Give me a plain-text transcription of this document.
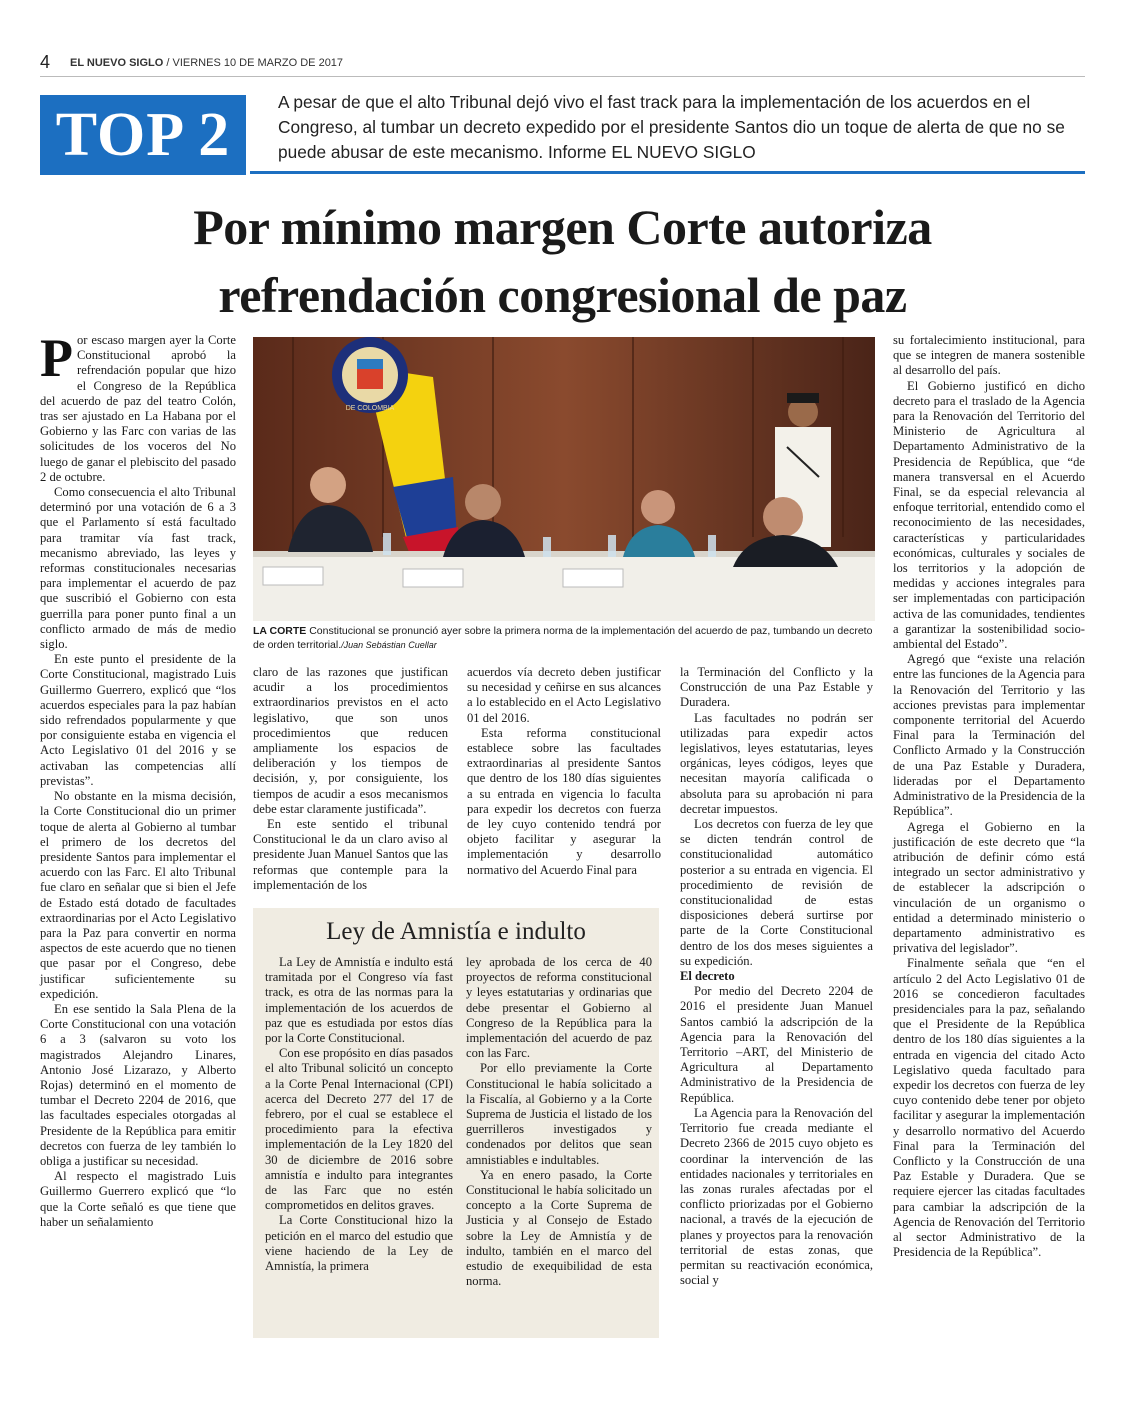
4 EL NUEVO SIGLO / VIERNES 10 DE MARZO DE 2017
TOP 2	A pesar de que el alto Tribunal dejó vivo el fast track para la implementación de los acuerdos en el Congreso, al tumbar un decreto expedido por el presidente Santos dio un toque de alerta de que no se puede abusar de este mecanismo. Informe EL NUEVO SIGLO
Por mínimo margen Corte autoriza
refrendación congresional de paz

Por escaso margen ayer la Corte Constitucional aprobó la refrendación popular que hizo el Congreso de la República del acuerdo de paz del teatro Colón, tras ser ajustado en La Habana por el Gobierno y las Farc con varias de las solicitudes de los voceros del No luego de ganar el plebiscito del pasado 2 de octubre.

Como consecuencia el alto Tribunal determinó por una votación de 6 a 3 que el Parlamento sí está facultado para tramitar vía fast track, mecanismo abreviado, las leyes y reformas constitucionales necesarias para implementar el acuerdo de paz que suscribió el Gobierno con esta guerrilla para poner punto final a un conflicto armado de más de medio siglo.

En este punto el presidente de la Corte Constitucional, magistrado Luis Guillermo Guerrero, explicó que “los acuerdos especiales para la paz habían sido refrendados popularmente y que por consiguiente estaba en vigencia el Acto Legislativo 01 del 2016 y se activaban las competencias allí previstas”.

No obstante en la misma decisión, la Corte Constitucional dio un primer toque de alerta al Gobierno al tumbar el primero de los decretos del presidente Santos para implementar el acuerdo con las Farc. El alto Tribunal fue claro en señalar que si bien el Jefe de Estado está dotado de facultades extraordinarias por el Acto Legislativo para la Paz para convertir en norma aspectos de este acuerdo que no tienen que pasar por el Congreso, debe justificar suficientemente su expedición.

En ese sentido la Sala Plena de la Corte Constitucional con una votación 6 a 3 (salvaron su voto los magistrados Alejandro Linares, Antonio José Lizarazo, y Alberto Rojas) determinó en el momento de tumbar el Decreto 2204 de 2016, que las facultades especiales otorgadas al Presidente de la República para emitir decretos con fuerza de ley también lo obliga a justificar su necesidad.

Al respecto el magistrado Luis Guillermo Guerrero explicó que “lo que la Corte señaló es que tiene que haber un señalamiento

DE COLOMBIA
LA CORTE Constitucional se pronunció ayer sobre la primera norma de la implementación del acuerdo de paz, tumbando un decreto de orden territorial./Juan Sebástian Cuellar

claro de las razones que justifican acudir a los procedimientos extraordinarios previstos en el acto legislativo, que son unos procedimientos que reducen ampliamente los espacios de deliberación y los tiempos de decisión, y, por consiguiente, los tiempos de acudir a esos mecanismos debe estar claramente justificada”.

En este sentido el tribunal Constitucional le da un claro aviso al presidente Juan Manuel Santos que las reformas que contemple para la implementación de los

acuerdos vía decreto deben justificar su necesidad y ceñirse en sus alcances a lo establecido en el Acto Legislativo 01 del 2016.

Esta reforma constitucional establece sobre las facultades extraordinarias al presidente Santos que dentro de los 180 días siguientes a su entrada en vigencia lo faculta para expedir los decretos con fuerza de ley cuyo contenido tendrá por objeto facilitar y asegurar la implementación y desarrollo normativo del Acuerdo Final para

la Terminación del Conflicto y la Construcción de una Paz Estable y Duradera.

Las facultades no podrán ser utilizadas para expedir actos legislativos, leyes estatutarias, leyes orgánicas, leyes códigos, leyes que necesitan mayoría calificada o absoluta para su aprobación ni para decretar impuestos.

Los decretos con fuerza de ley que se dicten tendrán control de constitucionalidad automático posterior a su entrada en vigencia. El procedimiento de revisión de constitucionalidad de estas disposiciones deberá surtirse por parte de la Corte Constitucional dentro de los dos meses siguientes a su expedición.

El decreto

Por medio del Decreto 2204 de 2016 el presidente Juan Manuel Santos cambió la adscripción de la Agencia para la Renovación del Territorio –ART, del Ministerio de Agricultura al Departamento Administrativo de la Presidencia de República.

La Agencia para la Renovación del Territorio fue creada mediante el Decreto 2366 de 2015 cuyo objeto es coordinar la intervención de las entidades nacionales y territoriales en las zonas rurales afectadas por el conflicto priorizadas por el Gobierno nacional, a través de la ejecución de planes y proyectos para la renovación territorial de estas zonas, que permitan su reactivación económica, social y

su fortalecimiento institucional, para que se integren de manera sostenible al desarrollo del país.

El Gobierno justificó en dicho decreto para el traslado de la Agencia para la Renovación del Territorio del Ministerio de Agricultura al Departamento Administrativo de la Presidencia de República, que “de manera transversal en el Acuerdo Final, se da especial relevancia al enfoque territorial, entendido como el reconocimiento de las necesidades, características y particularidades económicas, culturales y sociales de los territorios y la adopción de medidas y acciones integrales para ser implementadas con participación activa de las comunidades, tendientes a garantizar la sostenibilidad socio-ambiental del Estado”.

Agregó que “existe una relación entre las funciones de la Agencia para la Renovación del Territorio y las acciones previstas para implementar componente territorial del Acuerdo Final para la Terminación del Conflicto Armado y la Construcción de una Paz Estable y Duradera, lideradas por el Departamento Administrativo de la Presidencia de la República”.

Agrega el Gobierno en la justificación de este decreto que “la atribución de definir cómo está integrado un sector administrativo y de establecer la adscripción o vinculación de un organismo o entidad a determinado ministerio o departamento administrativo es privativa del legislador”.

Finalmente señala que “en el artículo 2 del Acto Legislativo 01 de 2016 se concedieron facultades presidenciales para la paz, señalando que el Presidente de la República dentro de los 180 días siguientes a la entrada en vigencia del citado Acto Legislativo queda facultado para expedir los decretos con fuerza de ley cuyo contenido debe tener por objeto facilitar y asegurar la implementación y desarrollo normativo del Acuerdo Final para la Terminación del Conflicto y la Construcción de una Paz Estable y Duradera. Que se requiere ejercer las citadas facultades para cambiar la adscripción de la Agencia de Renovación del Territorio al sector Administrativo de la Presidencia de la República”.

Ley de Amnistía e indulto

La Ley de Amnistía e indulto está tramitada por el Congreso vía fast track, es otra de las normas para la implementación de los acuerdos de paz que es estudiada por estos días por la Corte Constitucional.

Con ese propósito en días pasados el alto Tribunal solicitó un concepto a la Corte Penal Internacional (CPI) acerca del Decreto 277 del 17 de febrero, por el cual se establece el procedimiento para la efectiva implementación de la Ley 1820 del 30 de diciembre de 2016 sobre amnistía e indulto para integrantes de las Farc que no estén comprometidos en delitos graves.

La Corte Constitucional hizo la petición en el marco del estudio que viene haciendo de la Ley de Amnistía, la primera

ley aprobada de los cerca de 40 proyectos de reforma constitucional y leyes estatutarias y ordinarias que debe presentar el Gobierno al Congreso de la República para la implementación del acuerdo de paz con las Farc.

Por ello previamente la Corte Constitucional le había solicitado a la Fiscalía, al Gobierno y a la Corte Suprema de Justicia el listado de los guerrilleros investigados y condenados por delitos que sean amnistiables e indultables.

Ya en enero pasado, la Corte Constitucional le había solicitado un concepto a la Corte Suprema de Justicia y al Consejo de Estado sobre la Ley de Amnistía y de indulto, también en el marco del estudio de exequibilidad de esta norma.
